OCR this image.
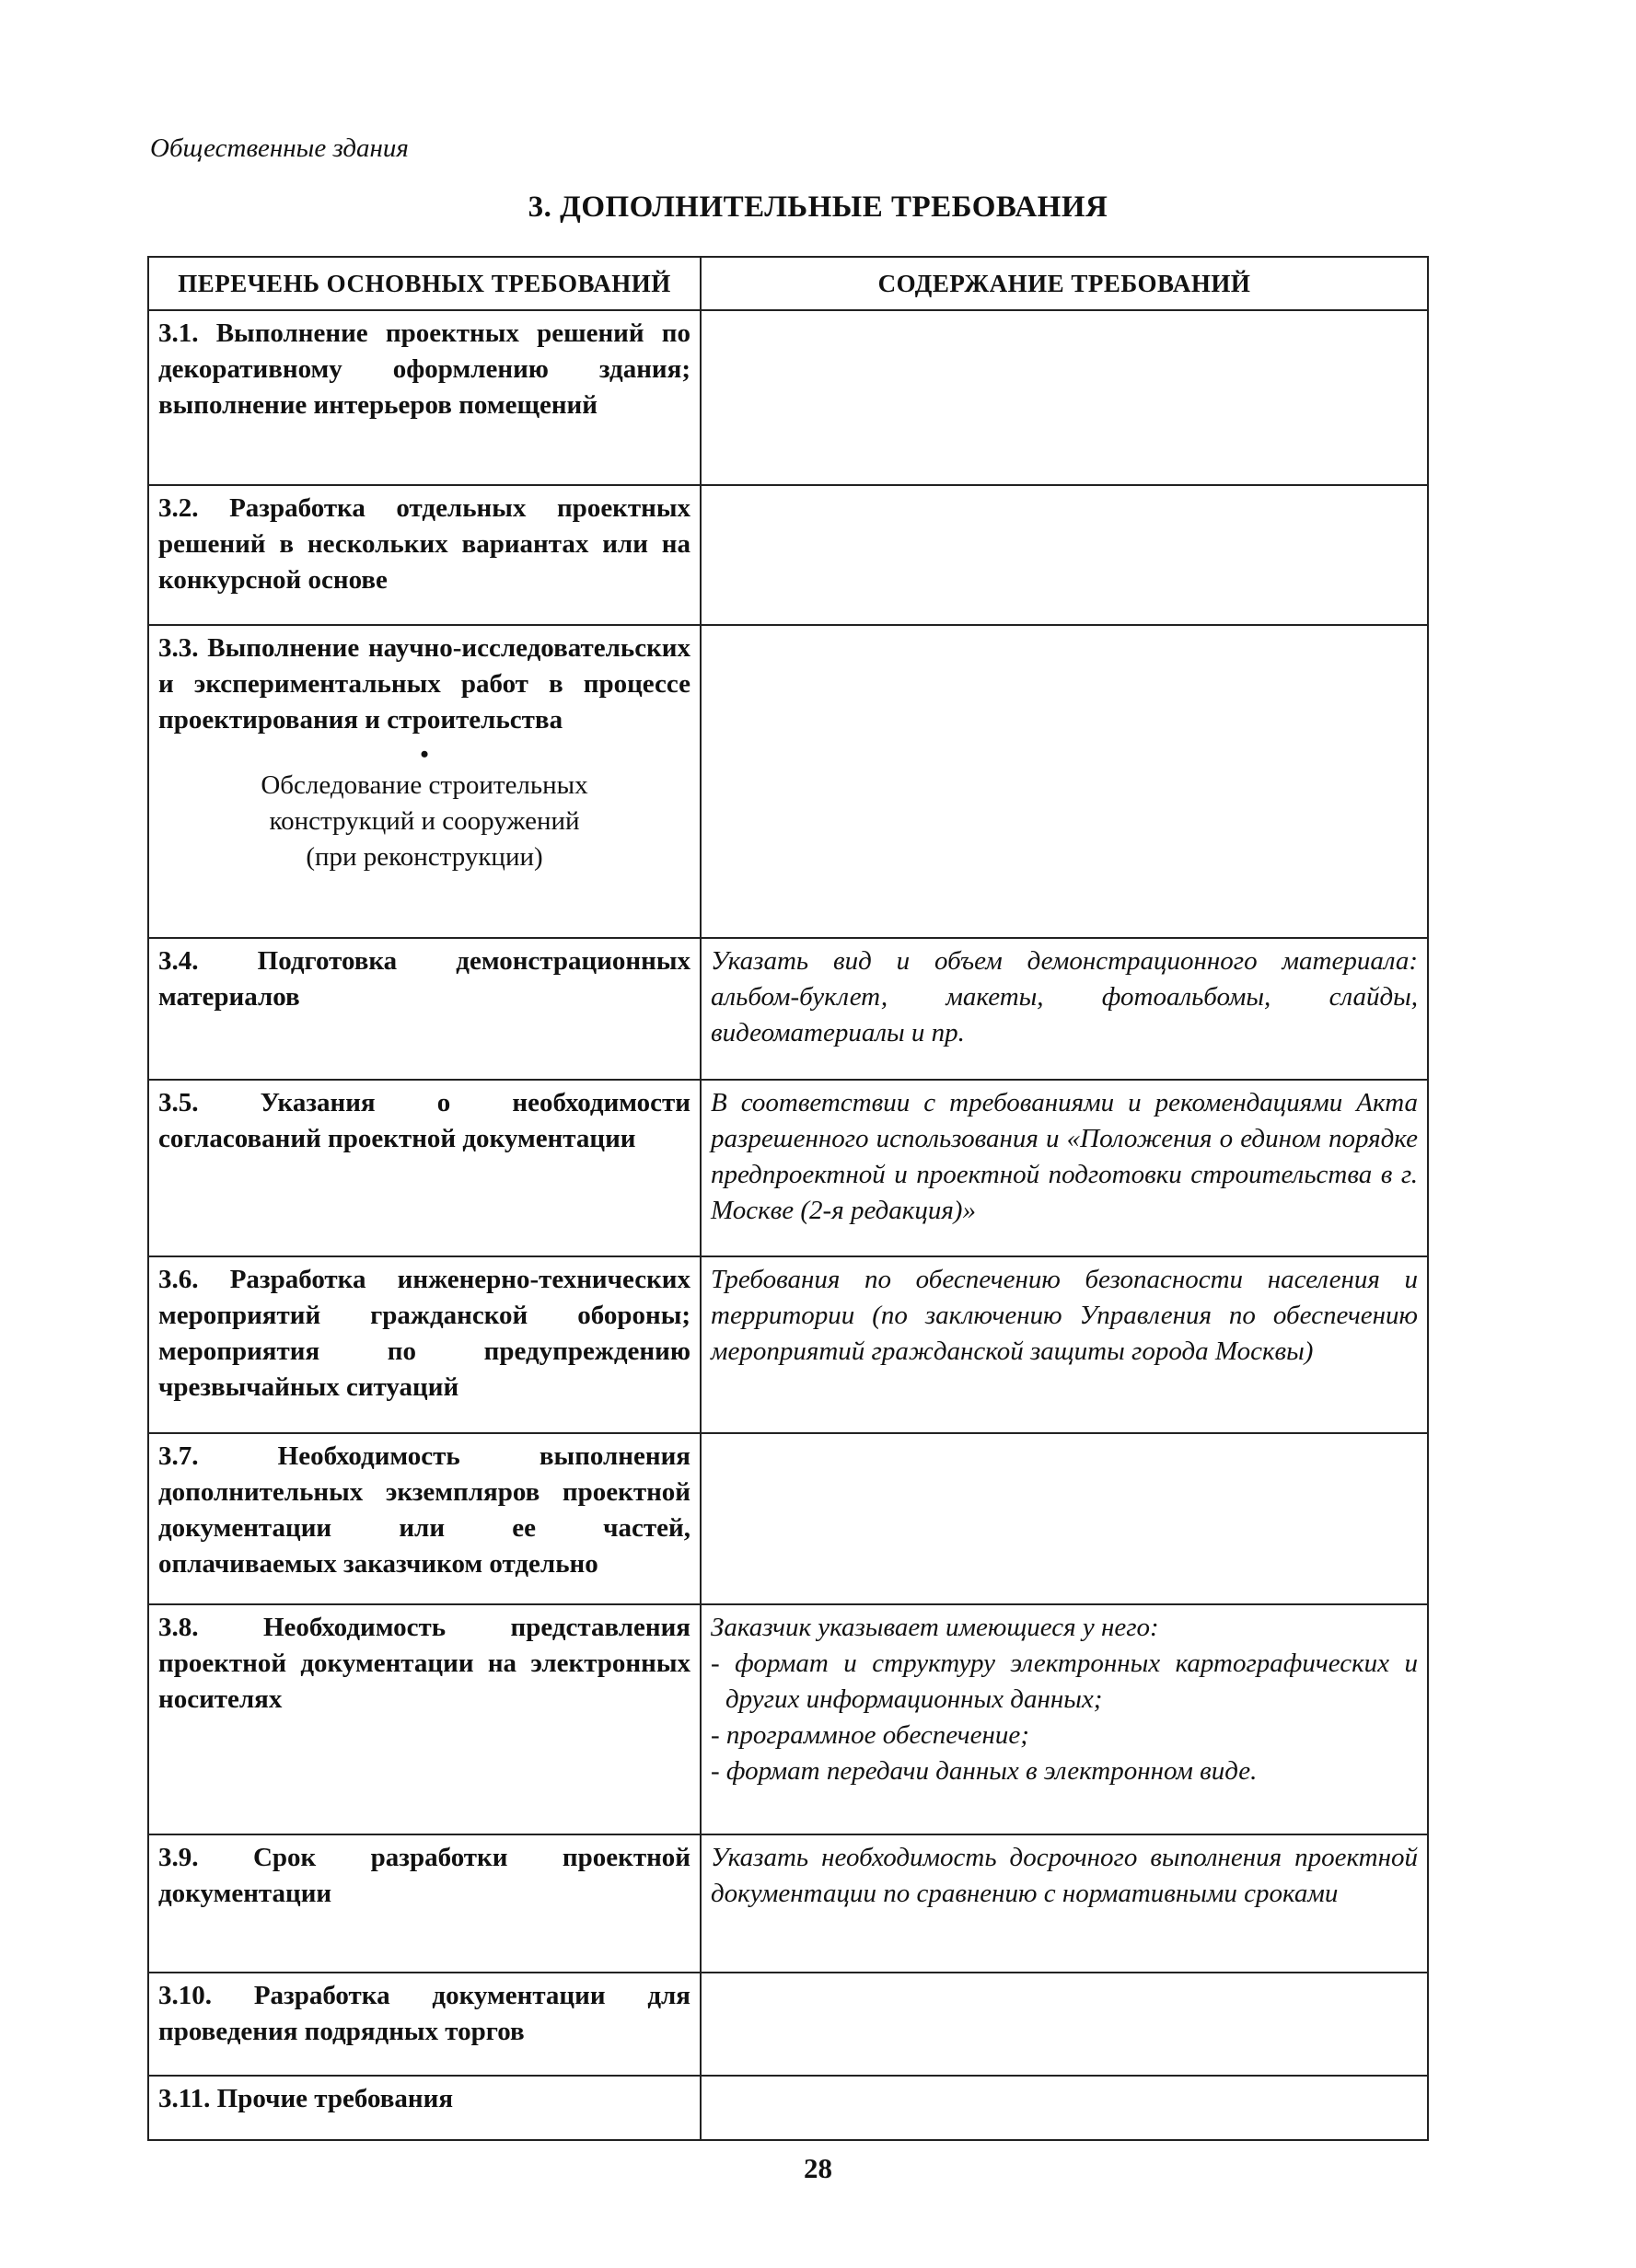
Общественные здания
3. ДОПОЛНИТЕЛЬНЫЕ ТРЕБОВАНИЯ
ПЕРЕЧЕНЬ ОСНОВНЫХ ТРЕБОВАНИЙ	СОДЕРЖАНИЕ ТРЕБОВАНИЙ
3.1. Выполнение проектных решений по декоративному оформлению здания; выполнение интерьеров помещений	
3.2. Разработка отдельных проектных решений в нескольких вариантах или на конкурсной основе	

3.3. Выполнение научно-исследовательских и экспериментальных работ в процессе проектирования и строительства
•
Обследование строительных
конструкций и сооружений
(при реконструкции)	

3.4. Подготовка демонстрационных материалов	Указать вид и объем демонстрационного материала: альбом-буклет, макеты, фотоальбомы, слайды, видеоматериалы и пр.
3.5. Указания о необходимости согласований проектной документации	В соответствии с требованиями и рекомендациями Акта разрешенного использования и «Положения о едином порядке предпроектной и проектной подготовки строительства в г. Москве (2-я редакция)»
3.6. Разработка инженерно-технических мероприятий гражданской обороны; мероприятия по предупреждению чрезвычайных ситуаций	Требования по обеспечению безопасности населения и территории (по заключению Управления по обеспечению мероприятий гражданской защиты города Москвы)
3.7. Необходимость выполнения дополнительных экземпляров проектной документации или ее частей, оплачиваемых заказчиком отдельно	
3.8. Необходимость представления проектной документации на электронных носителях	Заказчик указывает имеющиеся у него:
- формат и структуру электронных картографических и других информационных данных;
- программное обеспечение;
- формат передачи данных в электронном виде.

3.9. Срок разработки проектной документации	Указать необходимость досрочного выполнения проектной документации по сравнению с нормативными сроками
3.10. Разработка документации для проведения подрядных торгов	
3.11. Прочие требования	
28
